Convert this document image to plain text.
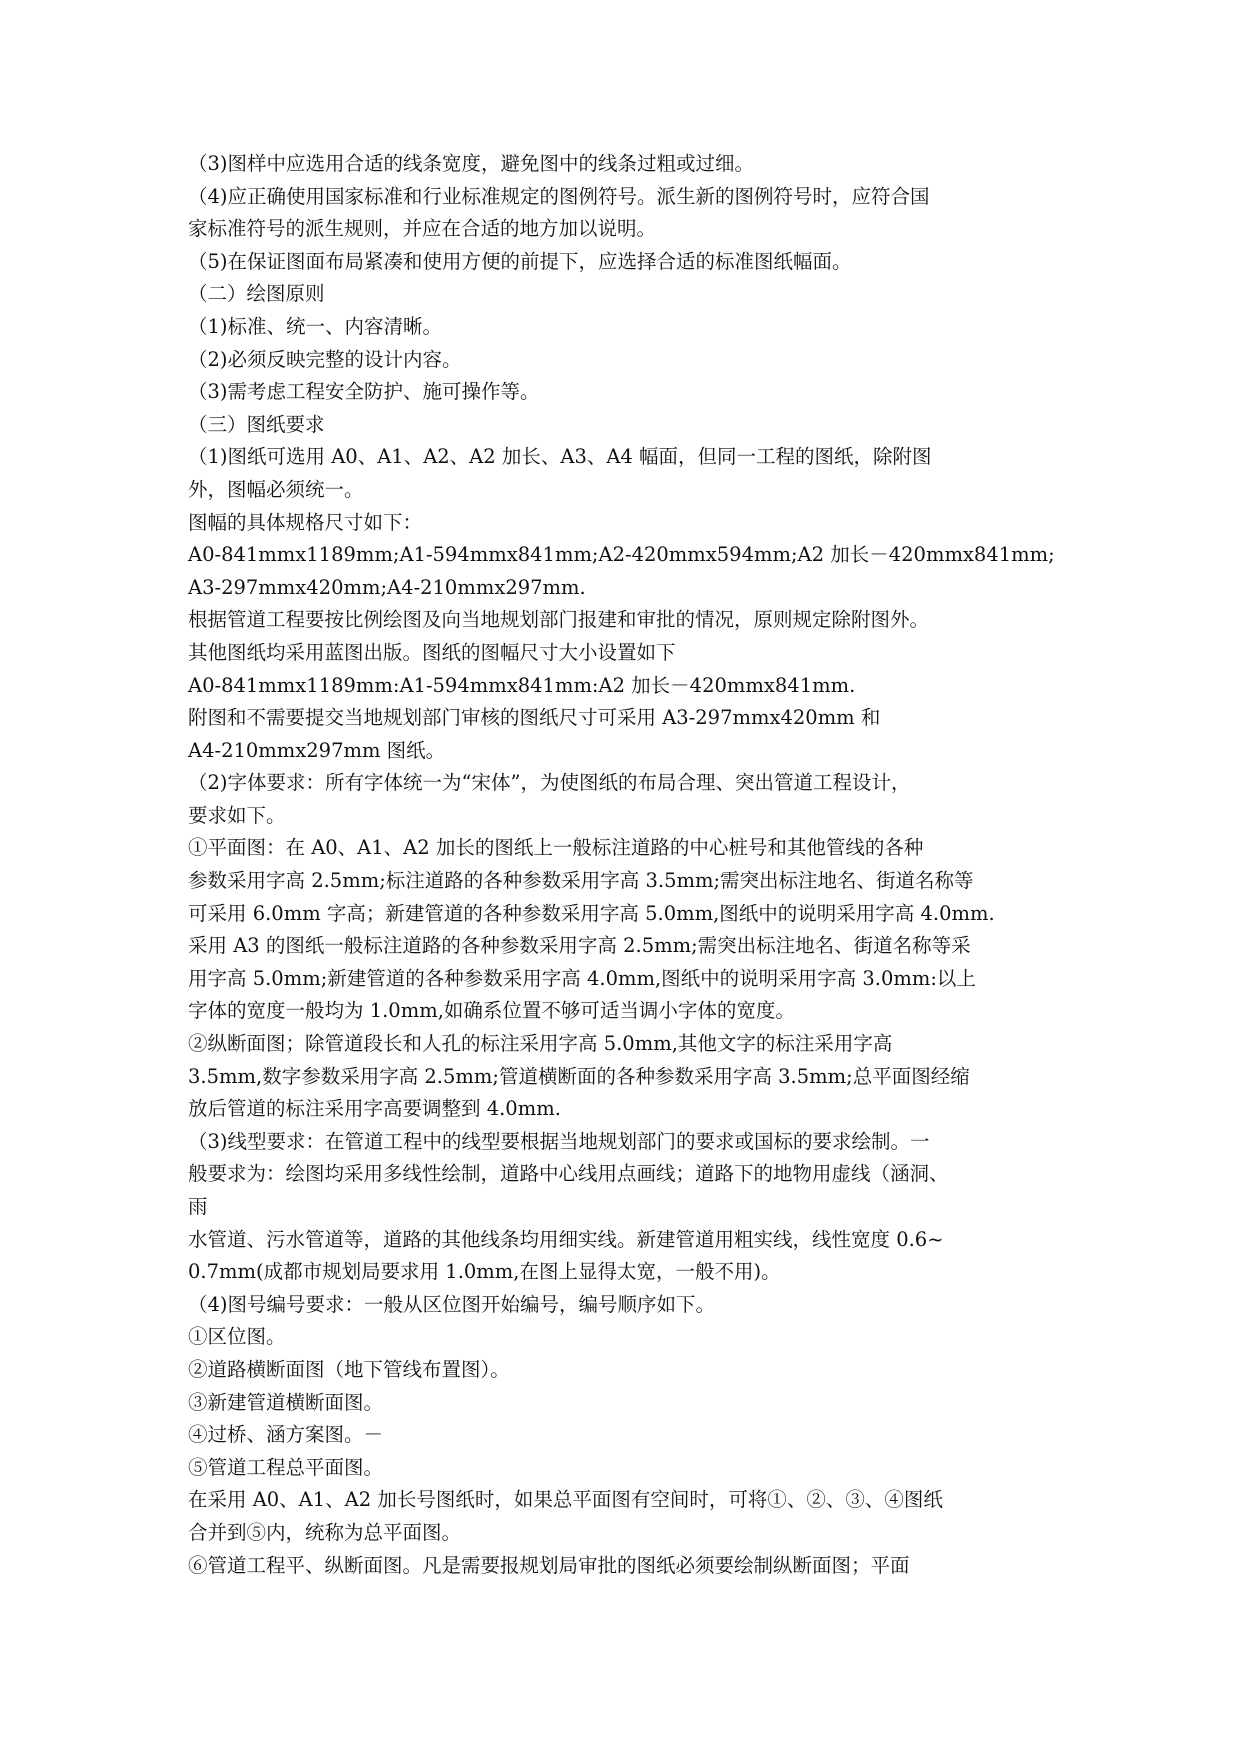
（3)图样中应选用合适的线条宽度，避免图中的线条过粗或过细。
（4)应正确使用国家标准和行业标准规定的图例符号。派生新的图例符号时，应符合国
家标准符号的派生规则，并应在合适的地方加以说明。
（5)在保证图面布局紧凑和使用方便的前提下，应选择合适的标准图纸幅面。
（二）绘图原则
（1)标准、统一、内容清晰。
（2)必须反映完整的设计内容。
（3)需考虑工程安全防护、施可操作等。
（三）图纸要求
（1)图纸可选用 A0、A1、A2、A2 加长、A3、A4 幅面，但同一工程的图纸，除附图
外，图幅必须统一。
图幅的具体规格尺寸如下：
A0-841mmx1189mm;A1-594mmx841mm;A2-420mmx594mm;A2 加长－420mmx841mm;
A3-297mmx420mm;A4-210mmx297mm.
根据管道工程要按比例绘图及向当地规划部门报建和审批的情况，原则规定除附图外。
其他图纸均采用蓝图出版。图纸的图幅尺寸大小设置如下
A0-841mmx1189mm:A1-594mmx841mm:A2 加长－420mmx841mm.
附图和不需要提交当地规划部门审核的图纸尺寸可采用 A3-297mmx420mm 和
A4-210mmx297mm 图纸。
（2)字体要求：所有字体统一为“宋体”，为使图纸的布局合理、突出管道工程设计，
要求如下。
①平面图：在 A0、A1、A2 加长的图纸上一般标注道路的中心桩号和其他管线的各种
参数采用字高 2.5mm;标注道路的各种参数采用字高 3.5mm;需突出标注地名、街道名称等
可采用 6.0mm 字高；新建管道的各种参数采用字高 5.0mm,图纸中的说明采用字高 4.0mm.
采用 A3 的图纸一般标注道路的各种参数采用字高 2.5mm;需突出标注地名、街道名称等采
用字高 5.0mm;新建管道的各种参数采用字高 4.0mm,图纸中的说明采用字高 3.0mm:以上
字体的宽度一般均为 1.0mm,如确系位置不够可适当调小字体的宽度。
②纵断面图；除管道段长和人孔的标注采用字高 5.0mm,其他文字的标注采用字高
3.5mm,数字参数采用字高 2.5mm;管道横断面的各种参数采用字高 3.5mm;总平面图经缩
放后管道的标注采用字高要调整到 4.0mm.
（3)线型要求：在管道工程中的线型要根据当地规划部门的要求或国标的要求绘制。一
般要求为：绘图均采用多线性绘制，道路中心线用点画线；道路下的地物用虚线（涵洞、
雨
水管道、污水管道等，道路的其他线条均用细实线。新建管道用粗实线，线性宽度 0.6~
0.7mm(成都市规划局要求用 1.0mm,在图上显得太宽，一般不用)。
（4)图号编号要求：一般从区位图开始编号，编号顺序如下。
①区位图。
②道路横断面图（地下管线布置图）。
③新建管道横断面图。
④过桥、涵方案图。－
⑤管道工程总平面图。
在采用 A0、A1、A2 加长号图纸时，如果总平面图有空间时，可将①、②、③、④图纸
合并到⑤内，统称为总平面图。
⑥管道工程平、纵断面图。凡是需要报规划局审批的图纸必须要绘制纵断面图；平面
